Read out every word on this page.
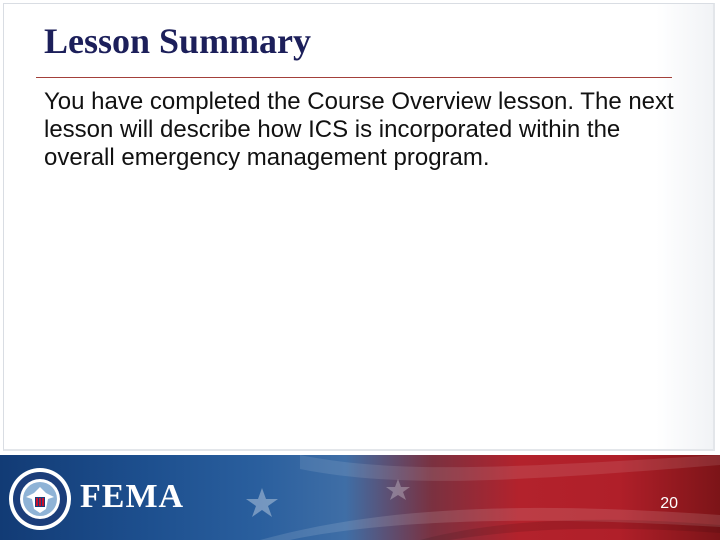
Lesson Summary

You have completed the Course Overview lesson. The next lesson will describe how ICS is incorporated within the overall emergency management program.

FEMA	20
